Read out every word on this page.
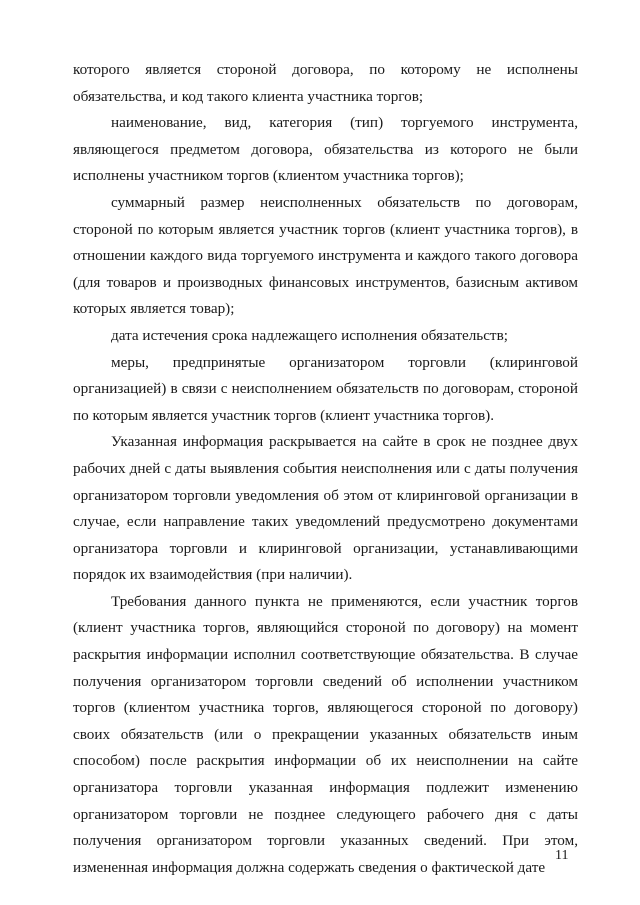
которого является стороной договора, по которому не исполнены обязательства, и код такого клиента участника торгов;

наименование, вид, категория (тип) торгуемого инструмента, являющегося предметом договора, обязательства из которого не были исполнены участником торгов (клиентом участника торгов);

суммарный размер неисполненных обязательств по договорам, стороной по которым является участник торгов (клиент участника торгов), в отношении каждого вида торгуемого инструмента и каждого такого договора (для товаров и производных финансовых инструментов, базисным активом которых является товар);

дата истечения срока надлежащего исполнения обязательств;

меры, предпринятые организатором торговли (клиринговой организацией) в связи с неисполнением обязательств по договорам, стороной по которым является участник торгов (клиент участника торгов).

Указанная информация раскрывается на сайте в срок не позднее двух рабочих дней с даты выявления события неисполнения или с даты получения организатором торговли уведомления об этом от клиринговой организации в случае, если направление таких уведомлений предусмотрено документами организатора торговли и клиринговой организации, устанавливающими порядок их взаимодействия (при наличии).

Требования данного пункта не применяются, если участник торгов (клиент участника торгов, являющийся стороной по договору) на момент раскрытия информации исполнил соответствующие обязательства. В случае получения организатором торговли сведений об исполнении участником торгов (клиентом участника торгов, являющегося стороной по договору) своих обязательств (или о прекращении указанных обязательств иным способом) после раскрытия информации об их неисполнении на сайте организатора торговли указанная информация подлежит изменению организатором торговли не позднее следующего рабочего дня с даты получения организатором торговли указанных сведений. При этом, измененная информация должна содержать сведения о фактической дате

11
